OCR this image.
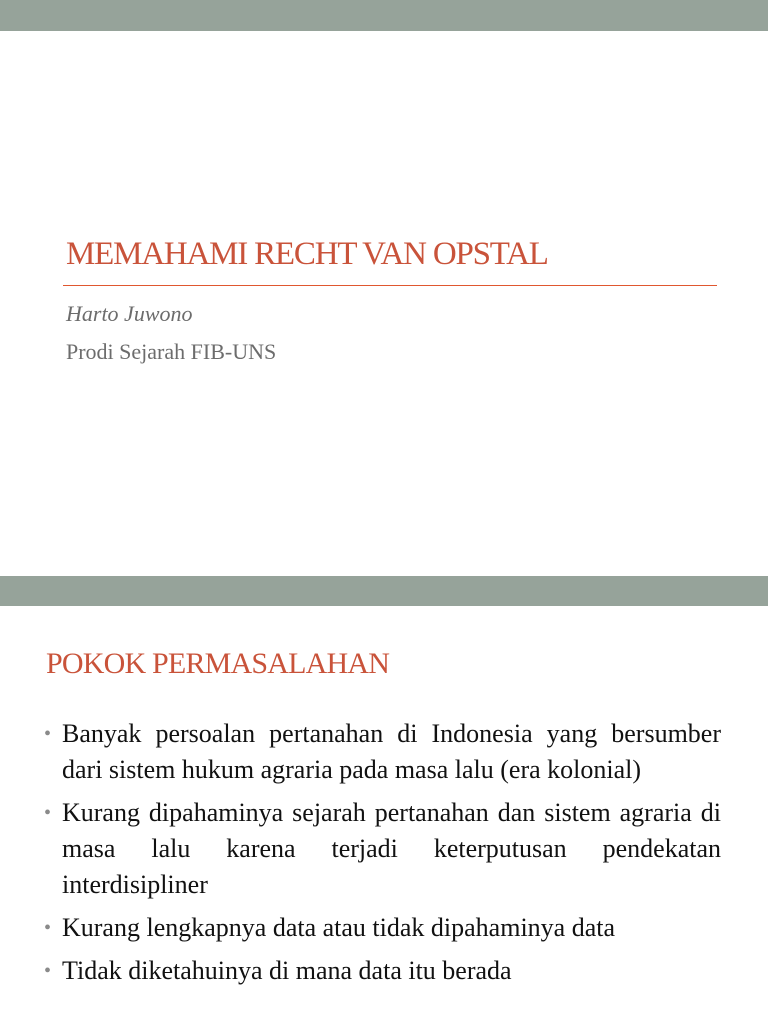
MEMAHAMI RECHT VAN OPSTAL
Harto Juwono
Prodi Sejarah FIB-UNS
POKOK PERMASALAHAN
• Banyak persoalan pertanahan di Indonesia yang bersumber dari sistem hukum agraria pada masa lalu (era kolonial)
• Kurang dipahaminya sejarah pertanahan dan sistem agraria di masa lalu karena terjadi keterputusan pendekatan interdisipliner
• Kurang lengkapnya data atau tidak dipahaminya data
• Tidak diketahuinya di mana data itu berada
